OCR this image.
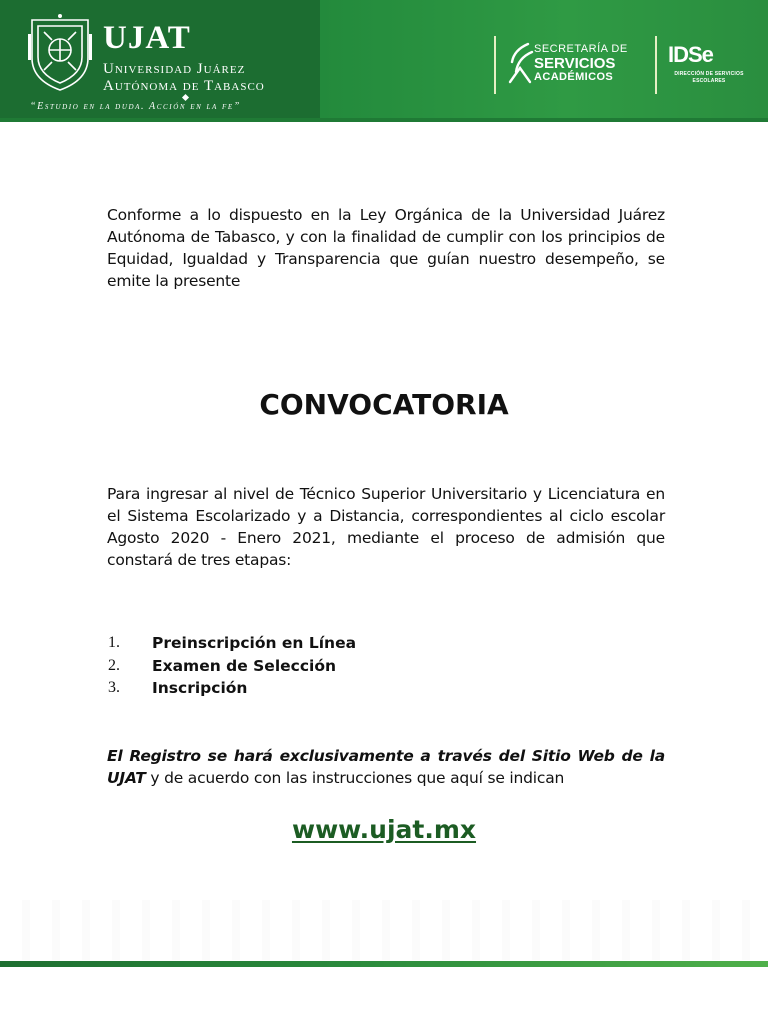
UJAT
Universidad Juárez
Autónoma de Tabasco
“Estudio en la duda. Acción en la fe”
SECRETARÍA DE
SERVICIOS
ACADÉMICOS
IDSe
DIRECCIÓN DE SERVICIOS ESCOLARES
Conforme a lo dispuesto en la Ley Orgánica de la Universidad Juárez Autónoma de Tabasco, y con la finalidad de cumplir con los principios de Equidad, Igualdad y Transparencia que guían nuestro desempeño, se emite la presente
CONVOCATORIA
Para ingresar al nivel de Técnico Superior Universitario y Licenciatura en el Sistema Escolarizado y a Distancia, correspondientes al ciclo escolar Agosto 2020 - Enero 2021, mediante el proceso de admisión que constará de tres etapas:
1. Preinscripción en Línea
2. Examen de Selección
3. Inscripción
El Registro se hará exclusivamente a través del Sitio Web de la UJAT y de acuerdo con las instrucciones que aquí se indican
www.ujat.mx
